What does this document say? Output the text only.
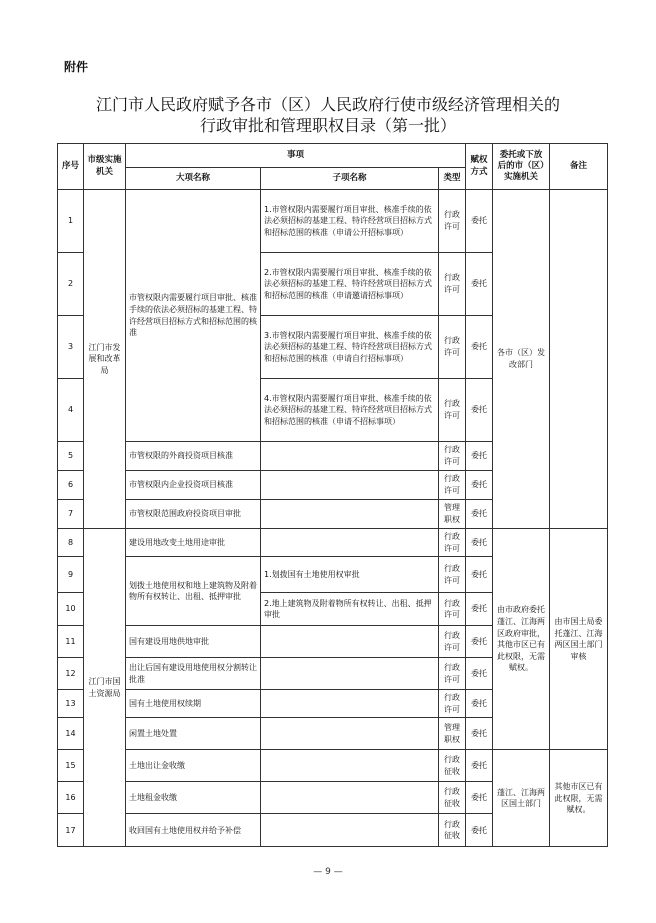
附件
江门市人民政府赋予各市（区）人民政府行使市级经济管理相关的
行政审批和管理职权目录（第一批）
序号	市级实施机关	事项			赋权方式	委托或下放后的市（区）实施机关	备注
		大项名称	子项名称	类型			
1	江门市发展和改革局	市管权限内需要履行项目审批、核准手续的依法必须招标的基建工程、特许经营项目招标方式和招标范围的核准	1.市管权限内需要履行项目审批、核准手续的依法必须招标的基建工程、特许经营项目招标方式和招标范围的核准（申请公开招标事项）	行政许可	委托	各市（区）发改部门	
2			2.市管权限内需要履行项目审批、核准手续的依法必须招标的基建工程、特许经营项目招标方式和招标范围的核准（申请邀请招标事项）	行政许可	委托		
3			3.市管权限内需要履行项目审批、核准手续的依法必须招标的基建工程、特许经营项目招标方式和招标范围的核准（申请自行招标事项）	行政许可	委托		
4			4.市管权限内需要履行项目审批、核准手续的依法必须招标的基建工程、特许经营项目招标方式和招标范围的核准（申请不招标事项）	行政许可	委托		
5		市管权限的外商投资项目核准		行政许可	委托		
6		市管权限内企业投资项目核准		行政许可	委托		
7		市管权限范围政府投资项目审批		管理职权	委托		
8	江门市国土资源局	建设用地改变土地用途审批		行政许可	委托	由市政府委托蓬江、江海两区政府审批，其他市区已有此权限，无需赋权。	由市国土局委托蓬江、江海两区国土部门审核
9		划拨土地使用权和地上建筑物及附着物所有权转让、出租、抵押审批	1.划拨国有土地使用权审批	行政许可	委托		
10			2.地上建筑物及附着物所有权转让、出租、抵押审批	行政许可	委托		
11		国有建设用地供地审批		行政许可	委托		
12		出让后国有建设用地使用权分割转让批准		行政许可	委托		
13		国有土地使用权续期		行政许可	委托		
14		闲置土地处置		管理职权	委托		
15		土地出让金收缴		行政征收	委托	蓬江、江海两区国土部门	其他市区已有此权限，无需赋权。
16		土地租金收缴		行政征收	委托		
17		收回国有土地使用权并给予补偿		行政征收	委托		
— 9 —
